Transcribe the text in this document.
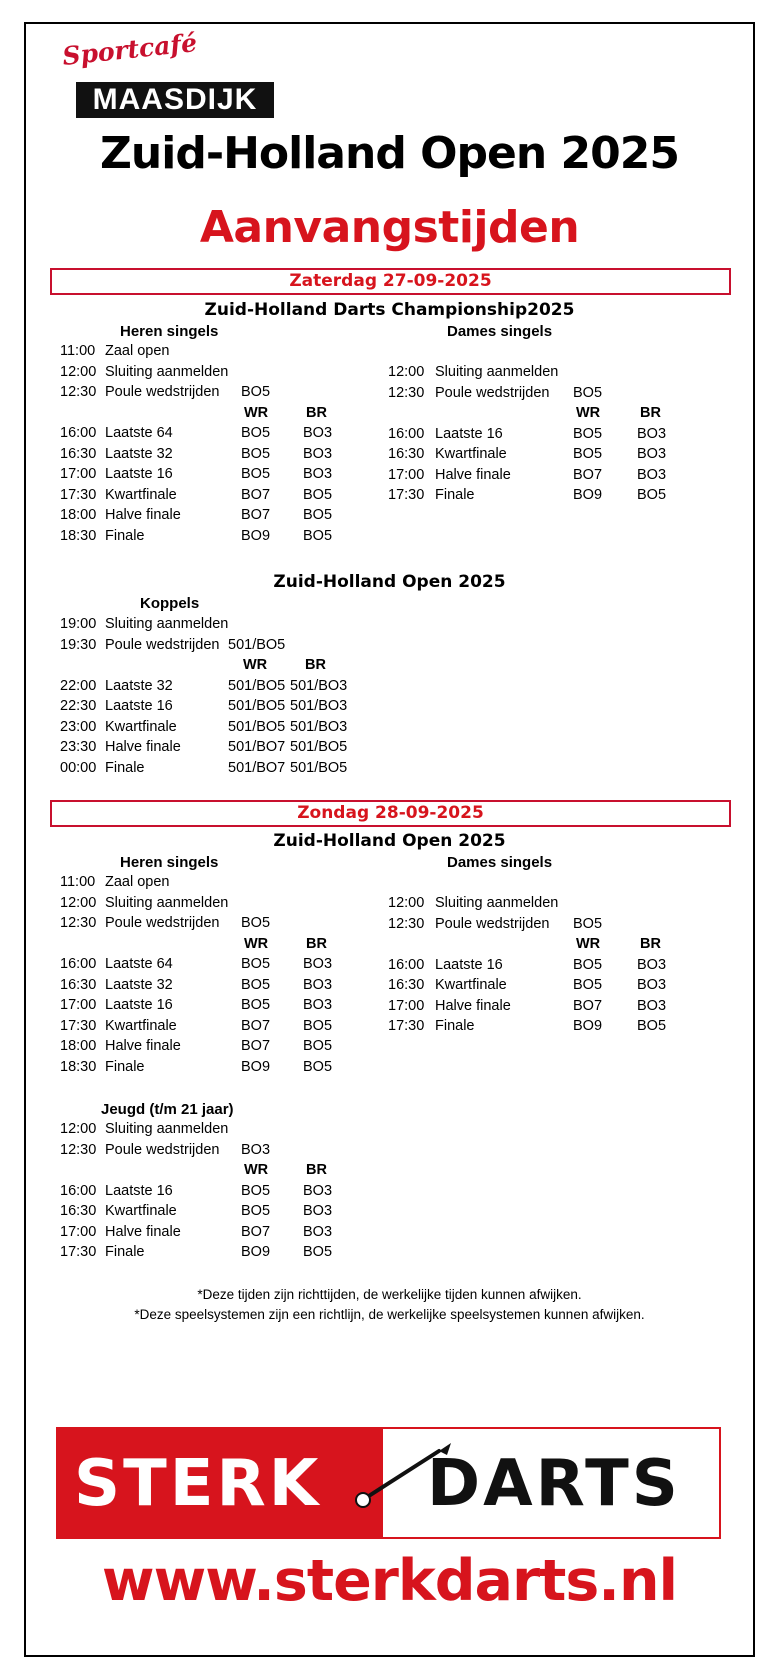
Sportcafé
MAASDIJK
Zuid-Holland Open 2025
Aanvangstijden
Zaterdag 27-09-2025
Zuid-Holland Darts Championship2025
Heren singels	Dames singels
11:00 Zaal open
12:00 Sluiting aanmelden
12:30 Poule wedstrijden BO5
WR	BR
16:00 Laatste 64	BO5 BO3
16:30 Laatste 32	BO5 BO3
17:00 Laatste 16	BO5 BO3
17:30 Kwartfinale	BO7 BO5
18:00 Halve finale	BO7 BO5
18:30 Finale	BO9 BO5
12:00 Sluiting aanmelden
12:30 Poule wedstrijden BO5
WR	BR
16:00 Laatste 16	BO5 BO3
16:30 Kwartfinale	BO5 BO3
17:00 Halve finale	BO7 BO3
17:30 Finale	BO9 BO5
Zuid-Holland Open 2025
Koppels
19:00 Sluiting aanmelden
19:30 Poule wedstrijden 501/BO5
WR	BR
22:00 Laatste 32	501/BO5 501/BO3
22:30 Laatste 16	501/BO5 501/BO3
23:00 Kwartfinale	501/BO5 501/BO3
23:30 Halve finale	501/BO7 501/BO5
00:00 Finale	501/BO7 501/BO5
Zondag 28-09-2025
Zuid-Holland Open 2025
Heren singels	Dames singels
11:00 Zaal open
12:00 Sluiting aanmelden
12:30 Poule wedstrijden BO5
WR	BR
16:00 Laatste 64	BO5 BO3
16:30 Laatste 32	BO5 BO3
17:00 Laatste 16	BO5 BO3
17:30 Kwartfinale	BO7 BO5
18:00 Halve finale	BO7 BO5
18:30 Finale	BO9 BO5
12:00 Sluiting aanmelden
12:30 Poule wedstrijden BO5
WR	BR
16:00 Laatste 16	BO5 BO3
16:30 Kwartfinale	BO5 BO3
17:00 Halve finale	BO7 BO3
17:30 Finale	BO9 BO5
Jeugd (t/m 21 jaar)
12:00 Sluiting aanmelden
12:30 Poule wedstrijden BO3
WR	BR
16:00 Laatste 16	BO5 BO3
16:30 Kwartfinale	BO5 BO3
17:00 Halve finale	BO7 BO3
17:30 Finale	BO9 BO5
*Deze tijden zijn richttijden, de werkelijke tijden kunnen afwijken.
*Deze speelsystemen zijn een richtlijn, de werkelijke speelsystemen kunnen afwijken.
STERK DARTS
www.sterkdarts.nl
